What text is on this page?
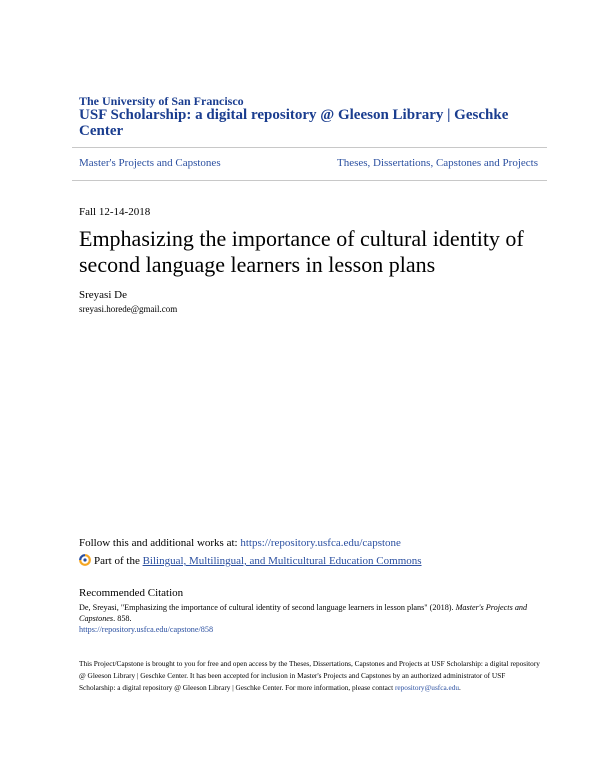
The University of San Francisco
USF Scholarship: a digital repository @ Gleeson Library | Geschke Center
Master's Projects and Capstones	Theses, Dissertations, Capstones and Projects
Fall 12-14-2018
Emphasizing the importance of cultural identity of second language learners in lesson plans
Sreyasi De
sreyasi.horede@gmail.com
Follow this and additional works at: https://repository.usfca.edu/capstone
Part of the Bilingual, Multilingual, and Multicultural Education Commons
Recommended Citation
De, Sreyasi, "Emphasizing the importance of cultural identity of second language learners in lesson plans" (2018). Master's Projects and Capstones. 858.
https://repository.usfca.edu/capstone/858
This Project/Capstone is brought to you for free and open access by the Theses, Dissertations, Capstones and Projects at USF Scholarship: a digital repository @ Gleeson Library | Geschke Center. It has been accepted for inclusion in Master's Projects and Capstones by an authorized administrator of USF Scholarship: a digital repository @ Gleeson Library | Geschke Center. For more information, please contact repository@usfca.edu.
